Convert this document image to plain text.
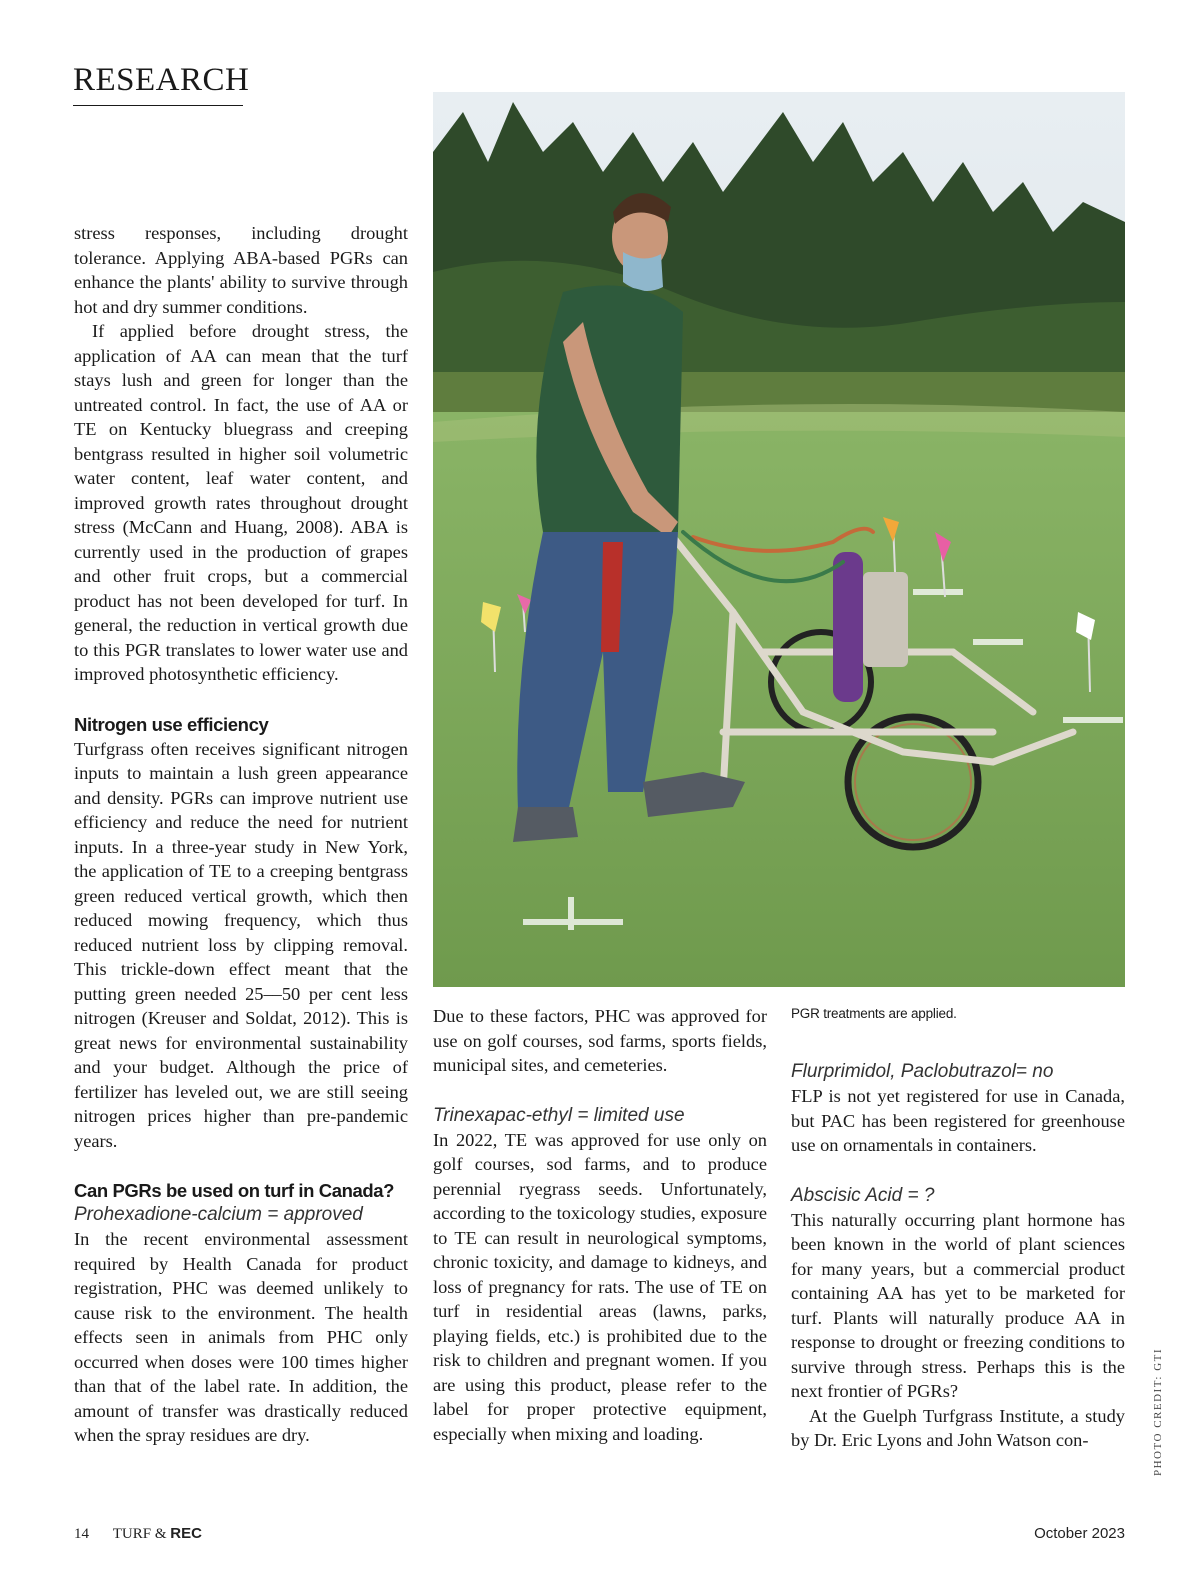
RESEARCH

stress responses, including drought tolerance. Applying ABA-based PGRs can enhance the plants' ability to survive through hot and dry summer conditions.

If applied before drought stress, the application of AA can mean that the turf stays lush and green for longer than the untreated control. In fact, the use of AA or TE on Kentucky bluegrass and creeping bentgrass resulted in higher soil volumetric water content, leaf water content, and improved growth rates throughout drought stress (McCann and Huang, 2008). ABA is currently used in the production of grapes and other fruit crops, but a commercial product has not been developed for turf. In general, the reduction in vertical growth due to this PGR translates to lower water use and improved photosynthetic efficiency.

Nitrogen use efficiency

Turfgrass often receives significant nitrogen inputs to maintain a lush green appearance and density. PGRs can improve nutrient use efficiency and reduce the need for nutrient inputs. In a three-year study in New York, the application of TE to a creeping bentgrass green reduced vertical growth, which then reduced mowing frequency, which thus reduced nutrient loss by clipping removal. This trickle-down effect meant that the putting green needed 25––50 per cent less nitrogen (Kreuser and Soldat, 2012). This is great news for environmental sustainability and your budget. Although the price of fertilizer has leveled out, we are still seeing nitrogen prices higher than pre-pandemic years.

Can PGRs be used on turf in Canada?
Prohexadione-calcium = approved

In the recent environmental assessment required by Health Canada for product registration, PHC was deemed unlikely to cause risk to the environment. The health effects seen in animals from PHC only occurred when doses were 100 times higher than that of the label rate. In addition, the amount of transfer was drastically reduced when the spray residues are dry.

Due to these factors, PHC was approved for use on golf courses, sod farms, sports fields, municipal sites, and cemeteries.

Trinexapac-ethyl = limited use

In 2022, TE was approved for use only on golf courses, sod farms, and to produce perennial ryegrass seeds. Unfortunately, according to the toxicology studies, exposure to TE can result in neurological symptoms, chronic toxicity, and damage to kidneys, and loss of pregnancy for rats. The use of TE on turf in residential areas (lawns, parks, playing fields, etc.) is prohibited due to the risk to children and pregnant women. If you are using this product, please refer to the label for proper protective equipment, especially when mixing and loading.

PGR treatments are applied.
Flurprimidol, Paclobutrazol= no

FLP is not yet registered for use in Canada, but PAC has been registered for greenhouse use on ornamentals in containers.

Abscisic Acid = ?

This naturally occurring plant hormone has been known in the world of plant sciences for many years, but a commercial product containing AA has yet to be marketed for turf. Plants will naturally produce AA in response to drought or freezing conditions to survive through stress. Perhaps this is the next frontier of PGRs?

At the Guelph Turfgrass Institute, a study by Dr. Eric Lyons and John Watson con-	PHOTO CREDIT: GTI
14 TURF & REC	October 2023
